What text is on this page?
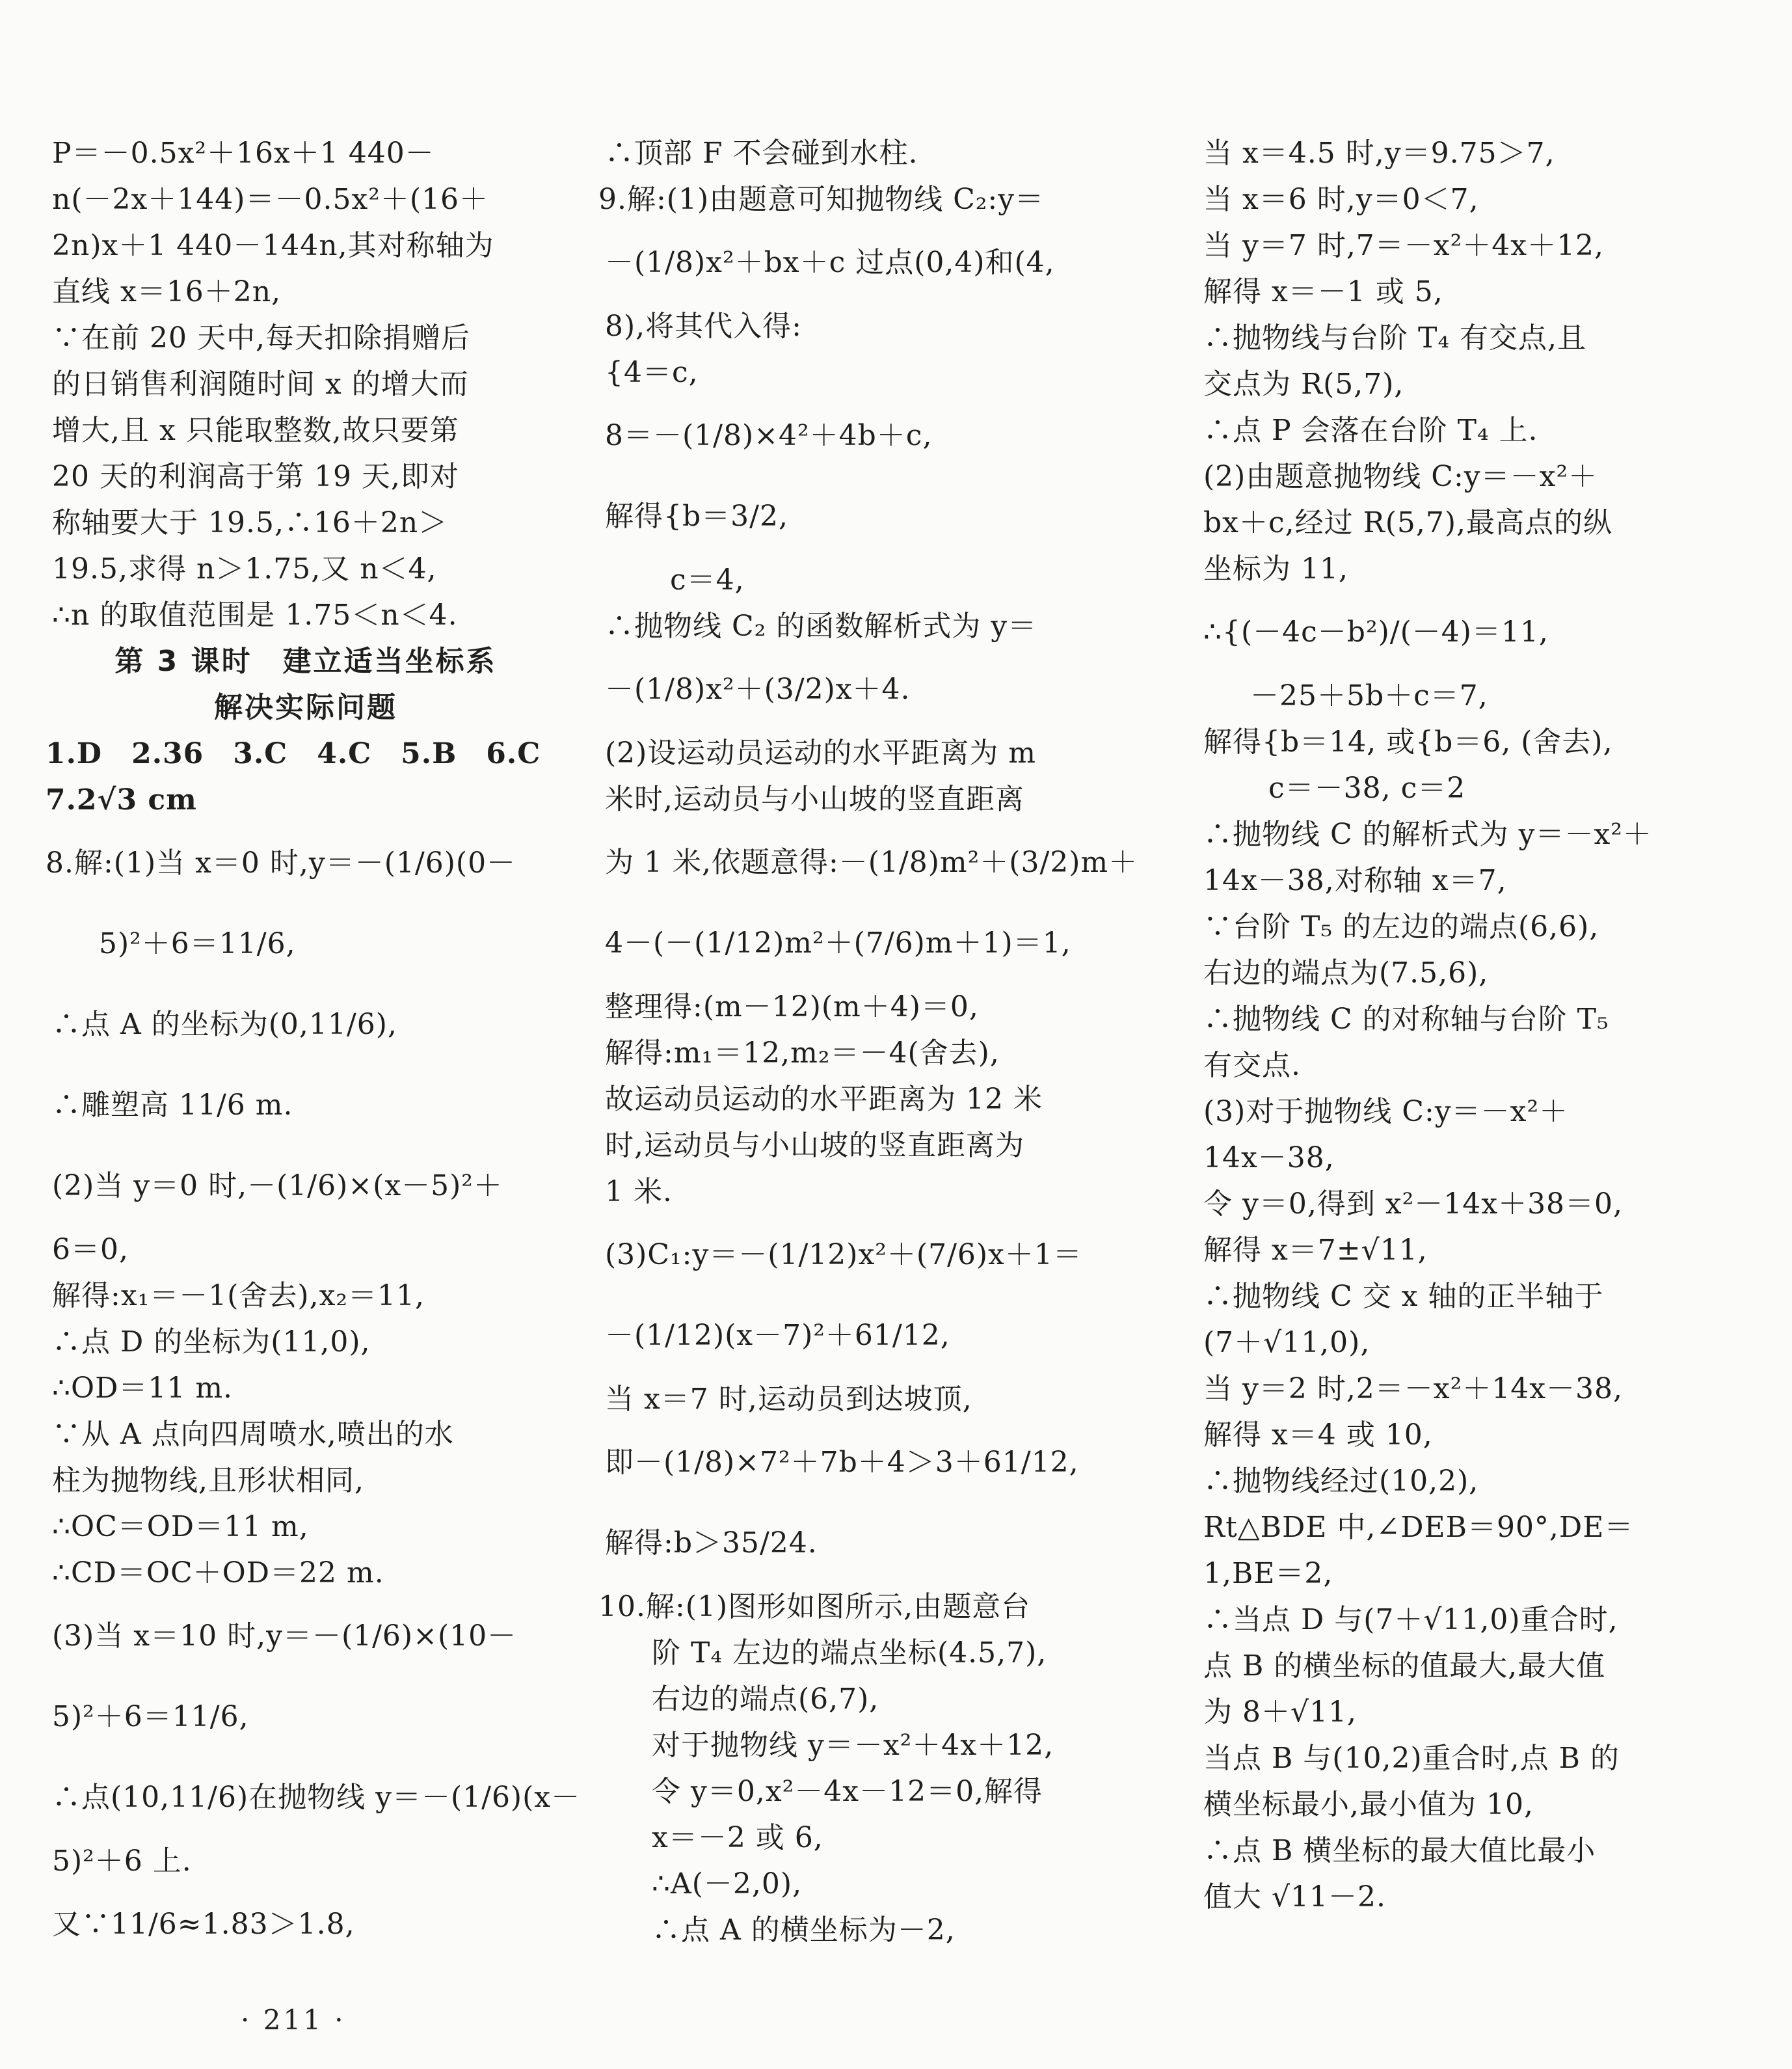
P＝－0.5x²＋16x＋1 440－
n(－2x＋144)＝－0.5x²＋(16＋
2n)x＋1 440－144n,其对称轴为
直线 x＝16＋2n,
∵在前 20 天中,每天扣除捐赠后
的日销售利润随时间 x 的增大而
增大,且 x 只能取整数,故只要第
20 天的利润高于第 19 天,即对
称轴要大于 19.5,∴16＋2n＞
19.5,求得 n＞1.75,又 n＜4,
∴n 的取值范围是 1.75＜n＜4.
第 3 课时　建立适当坐标系
解决实际问题
1.D　2.36　3.C　4.C　5.B　6.C
7.2√3 cm
8.解:(1)当 x＝0 时,y＝－(1/6)(0－
5)²＋6＝11/6,
∴点 A 的坐标为(0,11/6),
∴雕塑高 11/6 m.
(2)当 y＝0 时,－(1/6)×(x－5)²＋
6＝0,
解得:x₁＝－1(舍去),x₂＝11,
∴点 D 的坐标为(11,0),
∴OD＝11 m.
∵从 A 点向四周喷水,喷出的水
柱为抛物线,且形状相同,
∴OC＝OD＝11 m,
∴CD＝OC＋OD＝22 m.
(3)当 x＝10 时,y＝－(1/6)×(10－
5)²＋6＝11/6,
∴点(10,11/6)在抛物线 y＝－(1/6)(x－
5)²＋6 上.
又∵11/6≈1.83＞1.8,
∴顶部 F 不会碰到水柱.
9.解:(1)由题意可知抛物线 C₂:y＝
－(1/8)x²＋bx＋c 过点(0,4)和(4,
8),将其代入得:
{4＝c,
8＝－(1/8)×4²＋4b＋c,
解得{b＝3/2,
c＝4,
∴抛物线 C₂ 的函数解析式为 y＝
－(1/8)x²＋(3/2)x＋4.
(2)设运动员运动的水平距离为 m
米时,运动员与小山坡的竖直距离
为 1 米,依题意得:－(1/8)m²＋(3/2)m＋
4－(－(1/12)m²＋(7/6)m＋1)＝1,
整理得:(m－12)(m＋4)＝0,
解得:m₁＝12,m₂＝－4(舍去),
故运动员运动的水平距离为 12 米
时,运动员与小山坡的竖直距离为
1 米.
(3)C₁:y＝－(1/12)x²＋(7/6)x＋1＝
－(1/12)(x－7)²＋61/12,
当 x＝7 时,运动员到达坡顶,
即－(1/8)×7²＋7b＋4＞3＋61/12,
解得:b＞35/24.
10.解:(1)图形如图所示,由题意台
阶 T₄ 左边的端点坐标(4.5,7),
右边的端点(6,7),
对于抛物线 y＝－x²＋4x＋12,
令 y＝0,x²－4x－12＝0,解得
x＝－2 或 6,
∴A(－2,0),
∴点 A 的横坐标为－2,
当 x＝4.5 时,y＝9.75＞7,
当 x＝6 时,y＝0＜7,
当 y＝7 时,7＝－x²＋4x＋12,
解得 x＝－1 或 5,
∴抛物线与台阶 T₄ 有交点,且
交点为 R(5,7),
∴点 P 会落在台阶 T₄ 上.
(2)由题意抛物线 C:y＝－x²＋
bx＋c,经过 R(5,7),最高点的纵
坐标为 11,
∴{(－4c－b²)/(－4)＝11,
－25＋5b＋c＝7,
解得{b＝14, 或{b＝6, (舍去),
c＝－38, c＝2
∴抛物线 C 的解析式为 y＝－x²＋
14x－38,对称轴 x＝7,
∵台阶 T₅ 的左边的端点(6,6),
右边的端点为(7.5,6),
∴抛物线 C 的对称轴与台阶 T₅
有交点.
(3)对于抛物线 C:y＝－x²＋
14x－38,
令 y＝0,得到 x²－14x＋38＝0,
解得 x＝7±√11,
∴抛物线 C 交 x 轴的正半轴于
(7＋√11,0),
当 y＝2 时,2＝－x²＋14x－38,
解得 x＝4 或 10,
∴抛物线经过(10,2),
Rt△BDE 中,∠DEB＝90°,DE＝
1,BE＝2,
∴当点 D 与(7＋√11,0)重合时,
点 B 的横坐标的值最大,最大值
为 8＋√11,
当点 B 与(10,2)重合时,点 B 的
横坐标最小,最小值为 10,
∴点 B 横坐标的最大值比最小
值大 √11－2.
· 211 ·
